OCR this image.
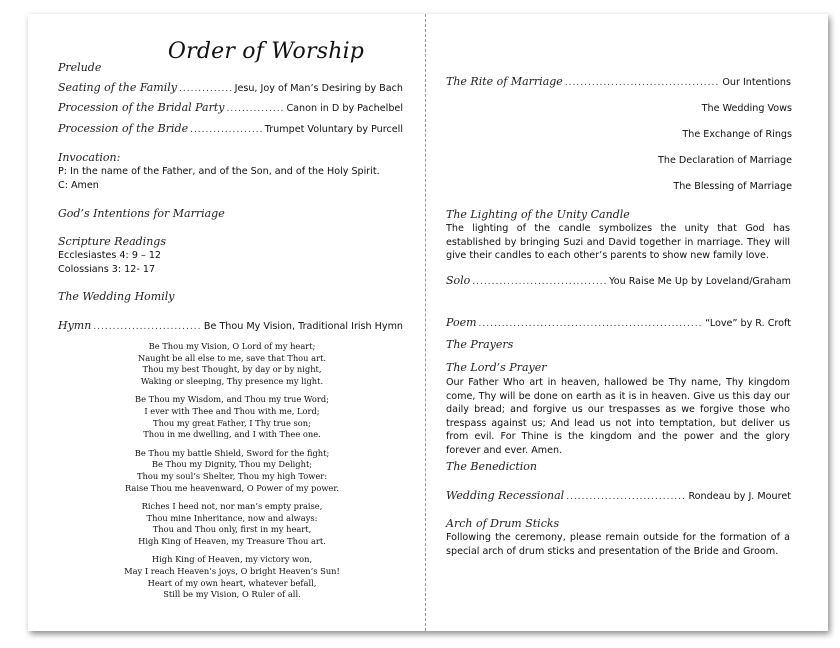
Order of Worship
Prelude
Seating of the Family .....	Jesu, Joy of Man’s Desiring by Bach
Procession of the Bridal Party .....	Canon in D by Pachelbel
Procession of the Bride .....	Trumpet Voluntary by Purcell
Invocation:
P: In the name of the Father, and of the Son, and of the Holy Spirit.
C: Amen
God’s Intentions for Marriage
Scripture Readings
Ecclesiastes 4: 9 – 12
Colossians 3: 12- 17
The Wedding Homily
Hymn .....	Be Thou My Vision, Traditional Irish Hymn
Be Thou my Vision, O Lord of my heart;
Naught be all else to me, save that Thou art.
Thou my best Thought, by day or by night,
Waking or sleeping, Thy presence my light.
Be Thou my Wisdom, and Thou my true Word;
I ever with Thee and Thou with me, Lord;
Thou my great Father, I Thy true son;
Thou in me dwelling, and I with Thee one.
Be Thou my battle Shield, Sword for the fight;
Be Thou my Dignity, Thou my Delight;
Thou my soul’s Shelter, Thou my high Tower:
Raise Thou me heavenward, O Power of my power.
Riches I heed not, nor man’s empty praise,
Thou mine Inheritance, now and always:
Thou and Thou only, first in my heart,
High King of Heaven, my Treasure Thou art.
High King of Heaven, my victory won,
May I reach Heaven’s joys, O bright Heaven’s Sun!
Heart of my own heart, whatever befall,
Still be my Vision, O Ruler of all.
The Rite of Marriage .....	Our Intentions
The Wedding Vows
The Exchange of Rings
The Declaration of Marriage
The Blessing of Marriage
The Lighting of the Unity Candle
The lighting of the candle symbolizes the unity that God has established by bringing Suzi and David together in marriage. They will give their candles to each other’s parents to show new family love.
Solo .....	You Raise Me Up by Loveland/Graham
Poem .....	“Love” by R. Croft
The Prayers
The Lord’s Prayer
Our Father Who art in heaven, hallowed be Thy name, Thy kingdom come, Thy will be done on earth as it is in heaven. Give us this day our daily bread; and forgive us our trespasses as we forgive those who trespass against us; And lead us not into temptation, but deliver us from evil. For Thine is the kingdom and the power and the glory forever and ever. Amen.
The Benediction
Wedding Recessional .....	Rondeau by J. Mouret
Arch of Drum Sticks
Following the ceremony, please remain outside for the formation of a special arch of drum sticks and presentation of the Bride and Groom.
